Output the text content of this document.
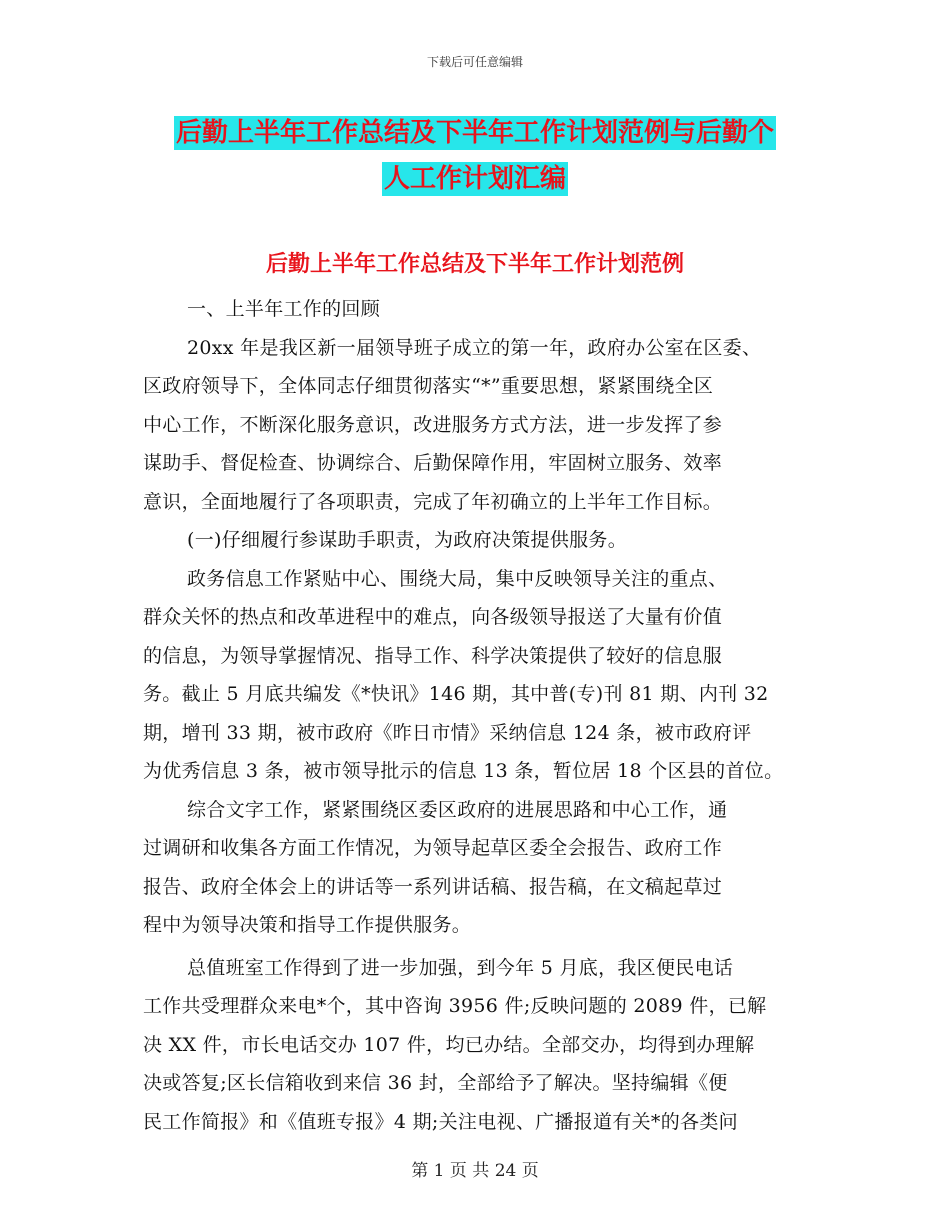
下载后可任意编辑
后勤上半年工作总结及下半年工作计划范例与后勤个
人工作计划汇编
后勤上半年工作总结及下半年工作计划范例
一、上半年工作的回顾
20xx 年是我区新一届领导班子成立的第一年，政府办公室在区委、
区政府领导下，全体同志仔细贯彻落实“*”重要思想，紧紧围绕全区
中心工作，不断深化服务意识，改进服务方式方法，进一步发挥了参
谋助手、督促检查、协调综合、后勤保障作用，牢固树立服务、效率
意识，全面地履行了各项职责，完成了年初确立的上半年工作目标。
(一)仔细履行参谋助手职责，为政府决策提供服务。
政务信息工作紧贴中心、围绕大局，集中反映领导关注的重点、
群众关怀的热点和改革进程中的难点，向各级领导报送了大量有价值
的信息，为领导掌握情况、指导工作、科学决策提供了较好的信息服
务。截止 5 月底共编发《*快讯》146 期，其中普(专)刊 81 期、内刊 32
期，增刊 33 期，被市政府《昨日市情》采纳信息 124 条，被市政府评
为优秀信息 3 条，被市领导批示的信息 13 条，暂位居 18 个区县的首位。
综合文字工作，紧紧围绕区委区政府的进展思路和中心工作，通
过调研和收集各方面工作情况，为领导起草区委全会报告、政府工作
报告、政府全体会上的讲话等一系列讲话稿、报告稿，在文稿起草过
程中为领导决策和指导工作提供服务。
总值班室工作得到了进一步加强，到今年 5 月底，我区便民电话
工作共受理群众来电*个，其中咨询 3956 件;反映问题的 2089 件，已解
决 XX 件，市长电话交办 107 件，均已办结。全部交办，均得到办理解
决或答复;区长信箱收到来信 36 封，全部给予了解决。坚持编辑《便
民工作简报》和《值班专报》4 期;关注电视、广播报道有关*的各类问
第 1 页 共 24 页
